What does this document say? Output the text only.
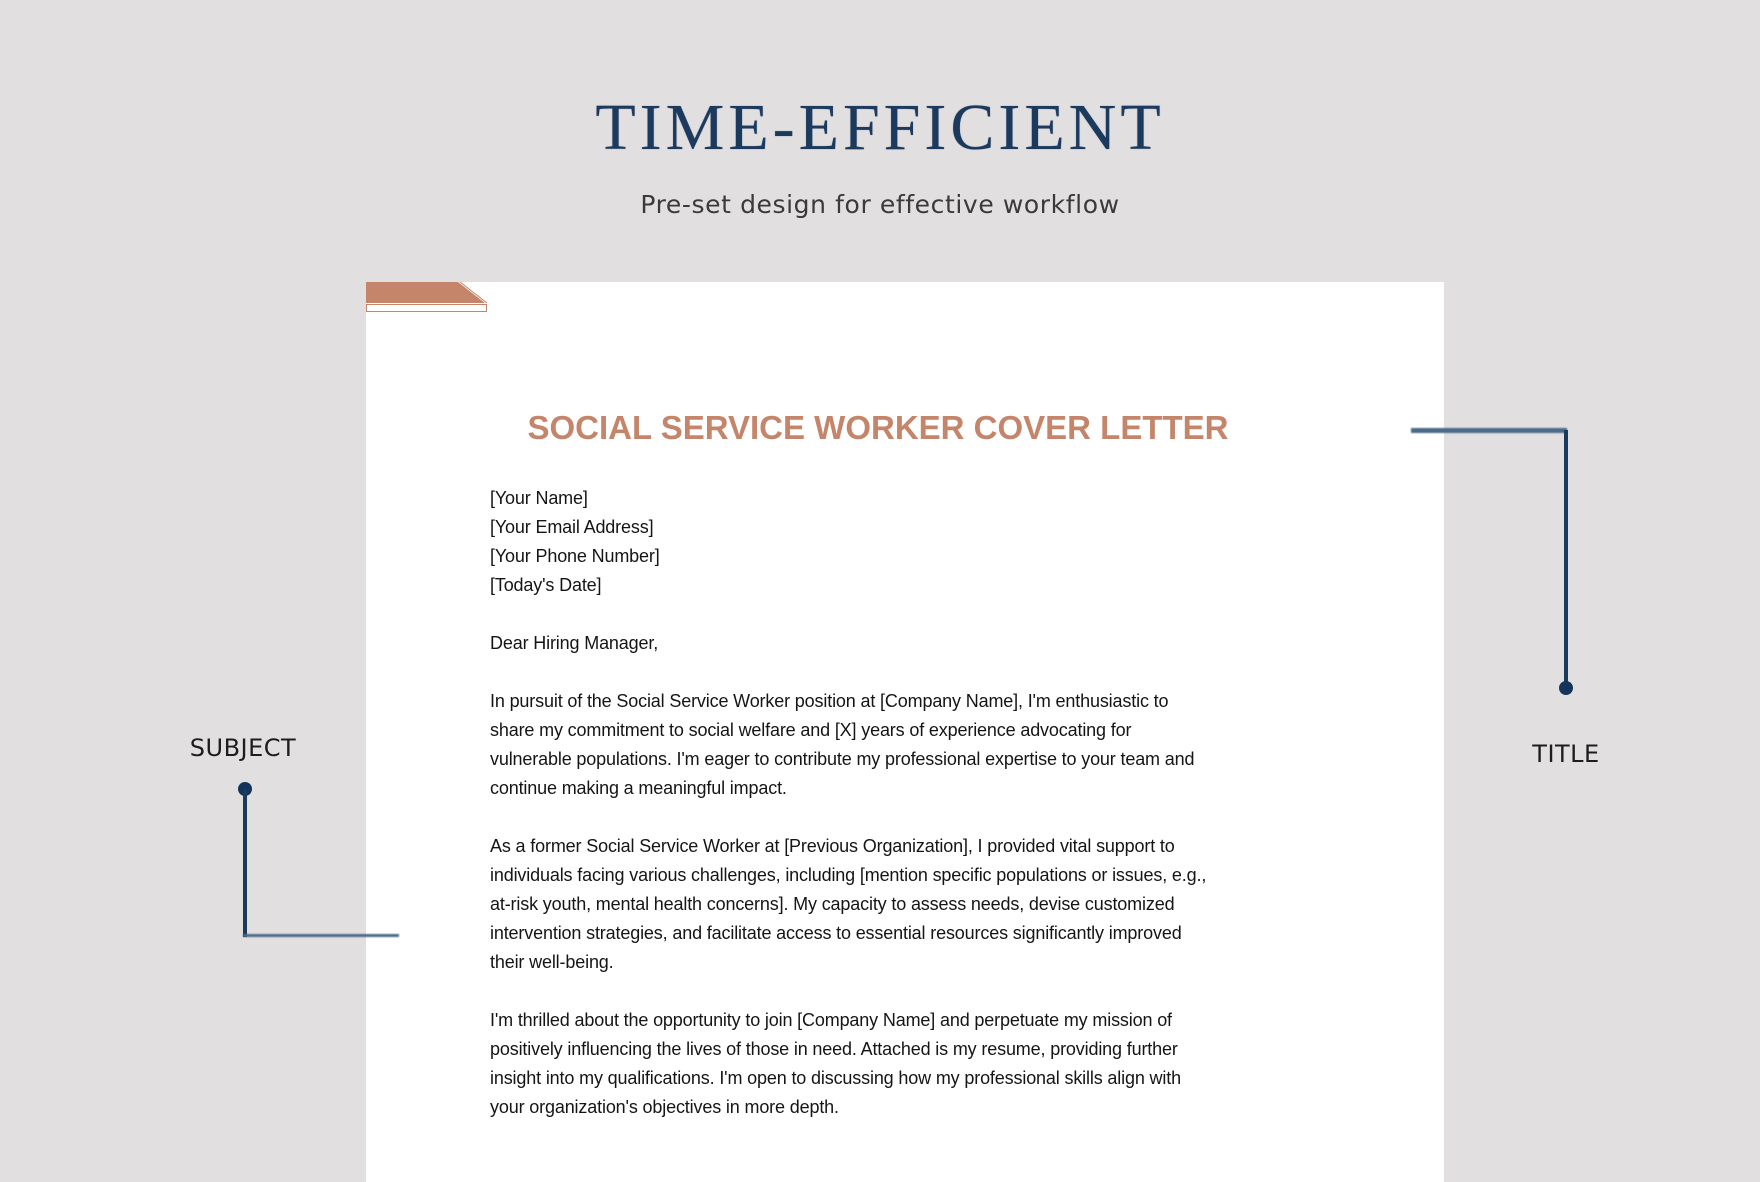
TIME-EFFICIENT

Pre-set design for effective workflow

SOCIAL SERVICE WORKER COVER LETTER
[Your Name]
[Your Email Address]
[Your Phone Number]
[Today's Date]
Dear Hiring Manager,
In pursuit of the Social Service Worker position at [Company Name], I'm enthusiastic to
share my commitment to social welfare and [X] years of experience advocating for
vulnerable populations. I'm eager to contribute my professional expertise to your team and
continue making a meaningful impact.
As a former Social Service Worker at [Previous Organization], I provided vital support to
individuals facing various challenges, including [mention specific populations or issues, e.g.,
at-risk youth, mental health concerns]. My capacity to assess needs, devise customized
intervention strategies, and facilitate access to essential resources significantly improved
their well-being.
I'm thrilled about the opportunity to join [Company Name] and perpetuate my mission of
positively influencing the lives of those in need. Attached is my resume, providing further
insight into my qualifications. I'm open to discussing how my professional skills align with
your organization's objectives in more depth.
TITLE
SUBJECT
